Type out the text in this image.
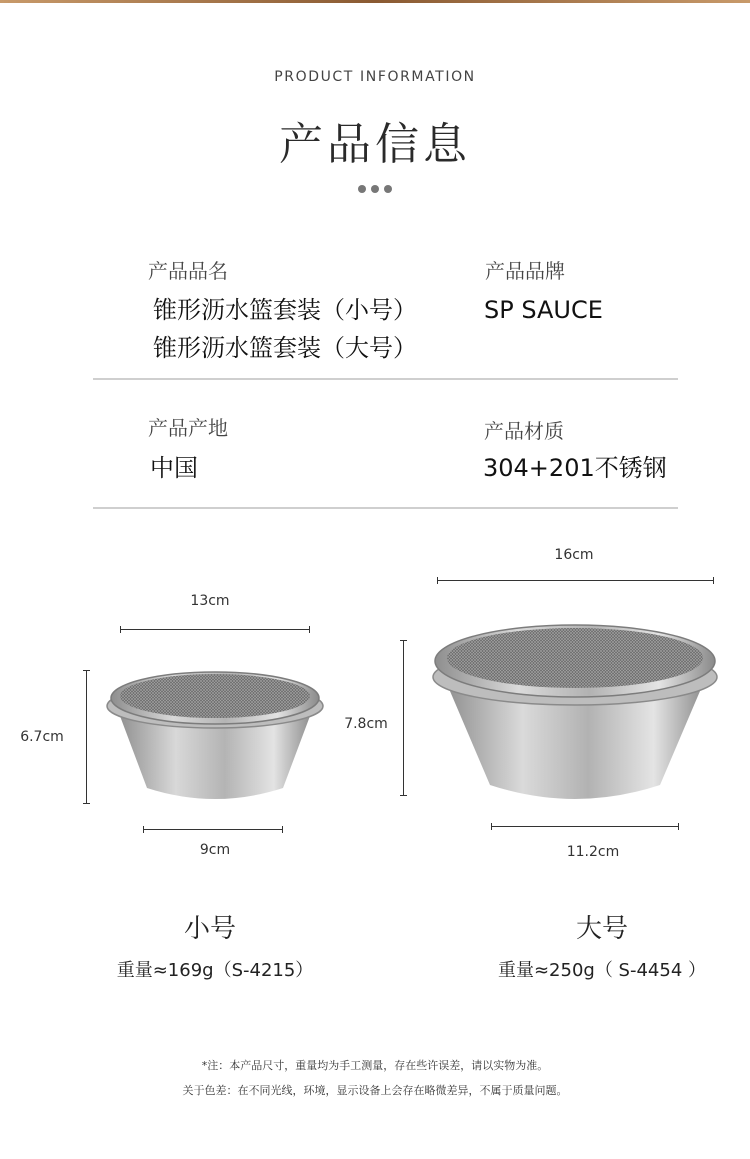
PRODUCT INFORMATION
产品信息
产品品名
锥形沥水篮套装（小号）
锥形沥水篮套装（大号）
产品品牌
SP SAUCE
产品产地
中国
产品材质
304+201不锈钢
13cm
6.7cm
9cm
16cm
7.8cm
11.2cm
小号
重量≈169g（S-4215）
大号
重量≈250g（ S-4454 ）
*注：本产品尺寸，重量均为手工测量，存在些许误差，请以实物为准。
关于色差：在不同光线，环境，显示设备上会存在略微差异，不属于质量问题。
